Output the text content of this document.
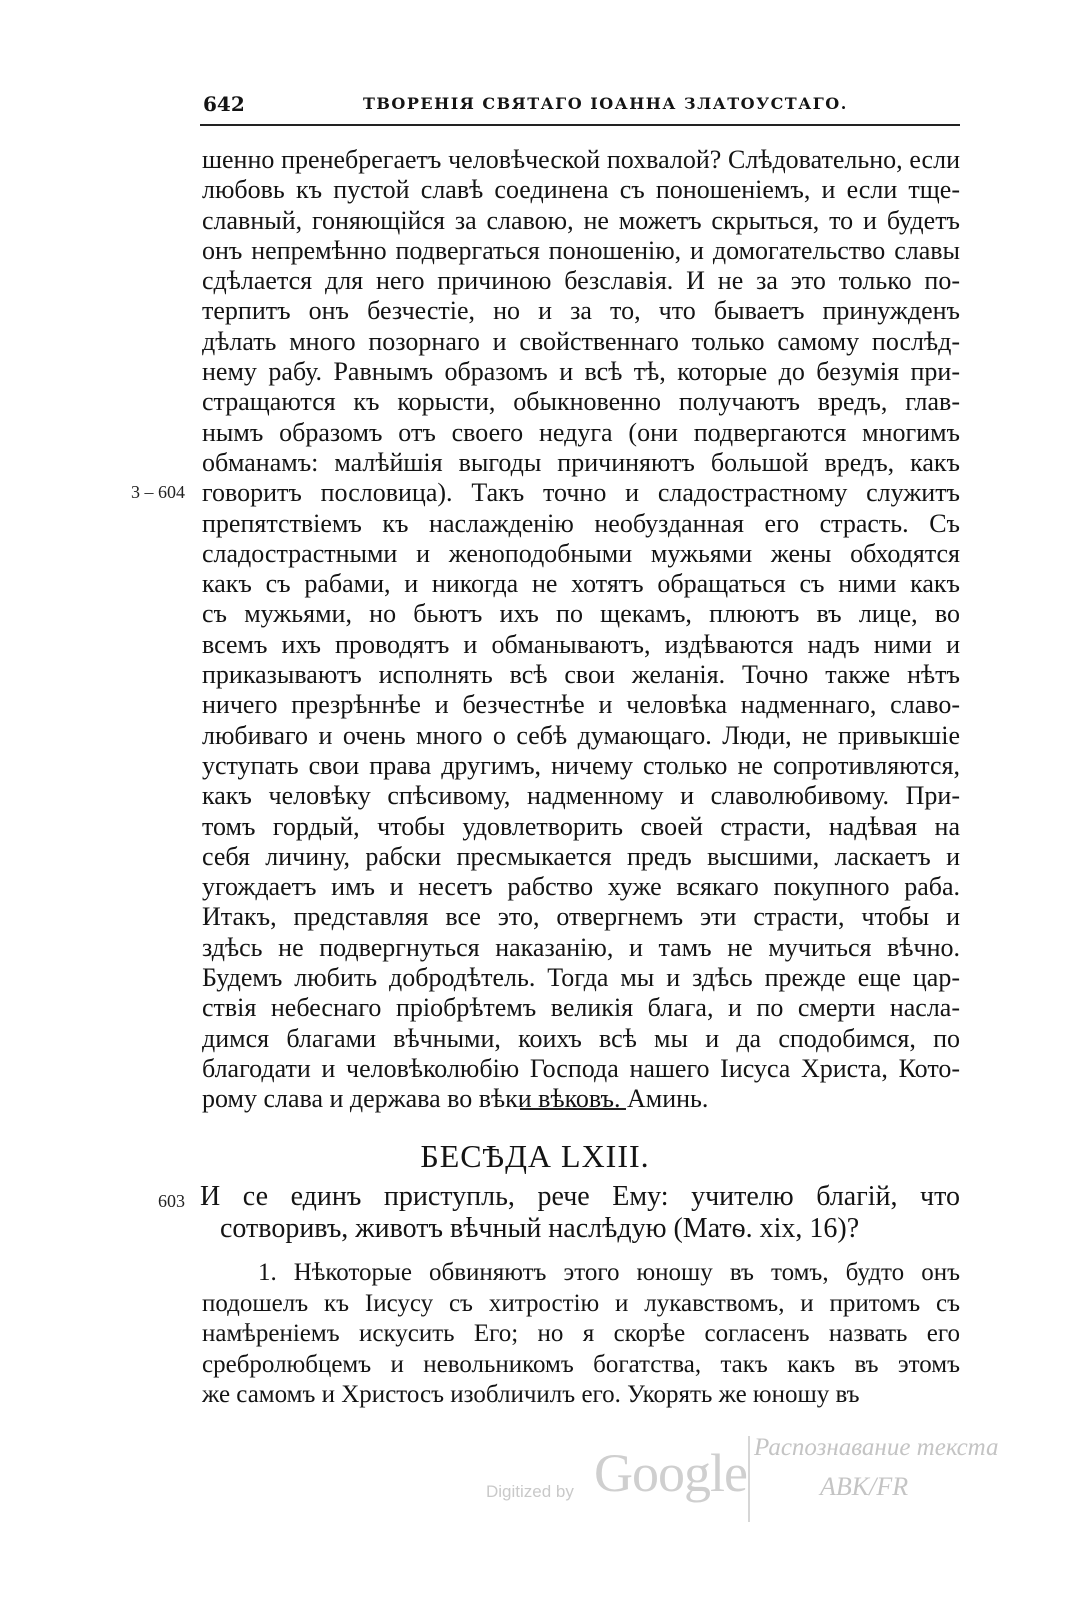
642	ТВОРЕНІЯ СВЯТАГО ІОАННА ЗЛАТОУСТАГО.
шенно пренебрегаетъ человѣческой похвалой? Слѣдовательно, если
любовь къ пустой славѣ соединена съ поношеніемъ, и если тще-
славный, гоняющійся за славою, не можетъ скрыться, то и будетъ
онъ непремѣнно подвергаться поношенію, и домогательство славы
сдѣлается для него причиною безславія. И не за это только по-
терпитъ онъ безчестіе, но и за то, что бываетъ принужденъ
дѣлать много позорнаго и свойственнаго только самому послѣд-
нему рабу. Равнымъ образомъ и всѣ тѣ, которые до безумія при-
стращаются къ корысти, обыкновенно получаютъ вредъ, глав-
нымъ образомъ отъ своего недуга (они подвергаются многимъ
обманамъ: малѣйшія выгоды причиняютъ большой вредъ, какъ
говоритъ пословица). Такъ точно и сладострастному служитъ
препятствіемъ къ наслажденію необузданная его страсть. Съ
сладострастными и женоподобными мужьями жены обходятся
какъ съ рабами, и никогда не хотятъ обращаться съ ними какъ
съ мужьями, но бьютъ ихъ по щекамъ, плюютъ въ лице, во
всемъ ихъ проводятъ и обманываютъ, издѣваются надъ ними и
приказываютъ исполнять всѣ свои желанія. Точно также нѣтъ
ничего презрѣннѣе и безчестнѣе и человѣка надменнаго, славо-
любиваго и очень много о себѣ думающаго. Люди, не привыкшіе
уступать свои права другимъ, ничему столько не сопротивляются,
какъ человѣку спѣсивому, надменному и славолюбивому. При-
томъ гордый, чтобы удовлетворить своей страсти, надѣвая на
себя личину, рабски пресмыкается предъ высшими, ласкаетъ и
угождаетъ имъ и несетъ рабство хуже всякаго покупного раба.
Итакъ, представляя все это, отвергнемъ эти страсти, чтобы и
здѣсь не подвергнуться наказанію, и тамъ не мучиться вѣчно.
Будемъ любить добродѣтель. Тогда мы и здѣсь прежде еще цар-
ствія небеснаго пріобрѣтемъ великія блага, и по смерти насла-
димся благами вѣчными, коихъ всѣ мы и да сподобимся, по
благодати и человѣколюбію Господа нашего Іисуса Христа, Кото-
рому слава и держава во вѣки вѣковъ. Аминь.
3 – 604
БЕСѢДА LXIII.
603 И се единъ приступль, рече Ему: учителю благій, что
сотворивъ, животъ вѣчный наслѣдую (Матѳ. xix, 16)?
1. Нѣкоторые обвиняютъ этого юношу въ томъ, будто онъ
подошелъ къ Іисусу съ хитростію и лукавствомъ, и притомъ съ
намѣреніемъ искусить Его; но я скорѣе согласенъ назвать его
сребролюбцемъ и невольникомъ богатства, такъ какъ въ этомъ
же самомъ и Христосъ изобличилъ его. Укорять же юношу въ
Digitized by Google Распознавание текста
ABK/FR
